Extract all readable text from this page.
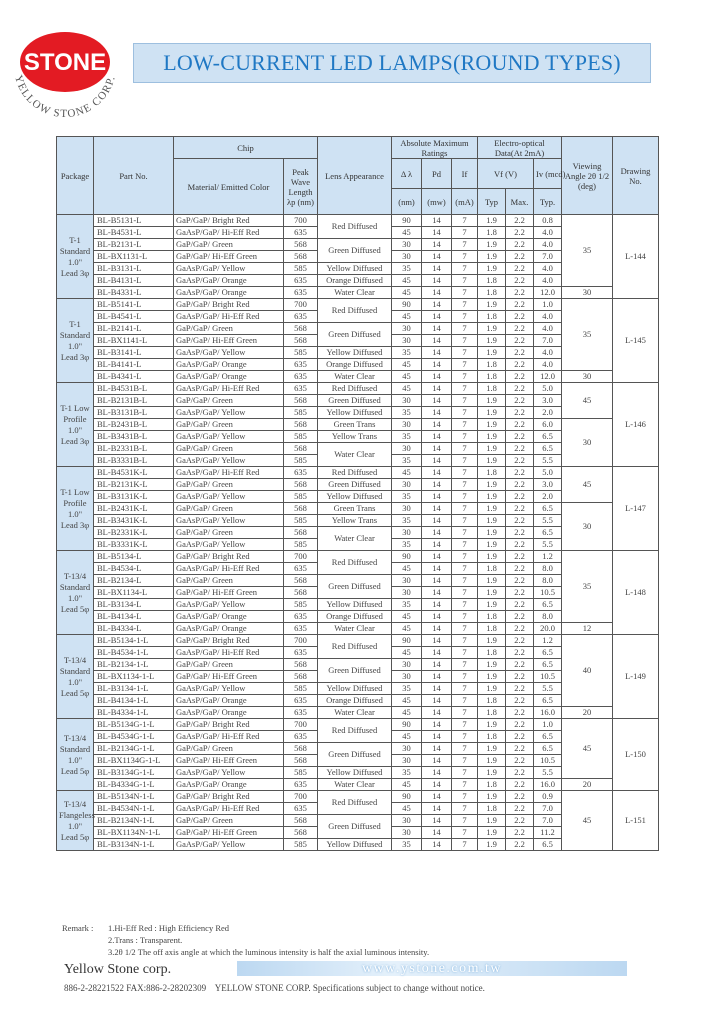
STONE
YELLOW STONE CORP.
LOW-CURRENT LED LAMPS(ROUND TYPES)
Package	Part No.	Chip		Lens Appearance	Absolute Maximum Ratings			Electro-optical Data(At 2mA)			Viewing Angle 2θ 1/2 (deg)	Drawing No.
		Material/ Emitted Color	Peak Wave Length λp (nm)		Δ λ	Pd	If	Vf (V)		Iv (mcd)		
					(nm)	(mw)	(mA)	Typ	Max.	Typ.		
T-1 Standard 1.0" Lead 3φ	BL-B5131-L	GaP/GaP/ Bright Red	700	Red Diffused	90	14	7	1.9	2.2	0.8	35	L-144
	BL-B4531-L	GaAsP/GaP/ Hi-Eff Red	635		45	14	7	1.8	2.2	4.0		
	BL-B2131-L	GaP/GaP/ Green	568	Green Diffused	30	14	7	1.9	2.2	4.0		
	BL-BX1131-L	GaP/GaP/ Hi-Eff Green	568		30	14	7	1.9	2.2	7.0		
	BL-B3131-L	GaAsP/GaP/ Yellow	585	Yellow Diffused	35	14	7	1.9	2.2	4.0		
	BL-B4131-L	GaAsP/GaP/ Orange	635	Orange Diffused	45	14	7	1.8	2.2	4.0		
	BL-B4331-L	GaAsP/GaP/ Orange	635	Water Clear	45	14	7	1.8	2.2	12.0	30	
T-1 Standard 1.0" Lead 3φ	BL-B5141-L	GaP/GaP/ Bright Red	700	Red Diffused	90	14	7	1.9	2.2	1.0	35	L-145
	BL-B4541-L	GaAsP/GaP/ Hi-Eff Red	635		45	14	7	1.8	2.2	4.0		
	BL-B2141-L	GaP/GaP/ Green	568	Green Diffused	30	14	7	1.9	2.2	4.0		
	BL-BX1141-L	GaP/GaP/ Hi-Eff Green	568		30	14	7	1.9	2.2	7.0		
	BL-B3141-L	GaAsP/GaP/ Yellow	585	Yellow Diffused	35	14	7	1.9	2.2	4.0		
	BL-B4141-L	GaAsP/GaP/ Orange	635	Orange Diffused	45	14	7	1.8	2.2	4.0		
	BL-B4341-L	GaAsP/GaP/ Orange	635	Water Clear	45	14	7	1.8	2.2	12.0	30	
T-1 Low Profile 1.0" Lead 3φ	BL-B4531B-L	GaAsP/GaP/ Hi-Eff Red	635	Red Diffused	45	14	7	1.8	2.2	5.0	45	L-146
	BL-B2131B-L	GaP/GaP/ Green	568	Green Diffused	30	14	7	1.9	2.2	3.0		
	BL-B3131B-L	GaAsP/GaP/ Yellow	585	Yellow Diffused	35	14	7	1.9	2.2	2.0		
	BL-B2431B-L	GaP/GaP/ Green	568	Green Trans	30	14	7	1.9	2.2	6.0	30	
	BL-B3431B-L	GaAsP/GaP/ Yellow	585	Yellow Trans	35	14	7	1.9	2.2	6.5		
	BL-B2331B-L	GaP/GaP/ Green	568	Water Clear	30	14	7	1.9	2.2	6.5		
	BL-B3331B-L	GaAsP/GaP/ Yellow	585		35	14	7	1.9	2.2	5.5		
T-1 Low Profile 1.0" Lead 3φ	BL-B4531K-L	GaAsP/GaP/ Hi-Eff Red	635	Red Diffused	45	14	7	1.8	2.2	5.0	45	L-147
	BL-B2131K-L	GaP/GaP/ Green	568	Green Diffused	30	14	7	1.9	2.2	3.0		
	BL-B3131K-L	GaAsP/GaP/ Yellow	585	Yellow Diffused	35	14	7	1.9	2.2	2.0		
	BL-B2431K-L	GaP/GaP/ Green	568	Green Trans	30	14	7	1.9	2.2	6.5	30	
	BL-B3431K-L	GaAsP/GaP/ Yellow	585	Yellow Trans	35	14	7	1.9	2.2	5.5		
	BL-B2331K-L	GaP/GaP/ Green	568	Water Clear	30	14	7	1.9	2.2	6.5		
	BL-B3331K-L	GaAsP/GaP/ Yellow	585		35	14	7	1.9	2.2	5.5		
T-13/4 Standard 1.0" Lead 5φ	BL-B5134-L	GaP/GaP/ Bright Red	700	Red Diffused	90	14	7	1.9	2.2	1.2	35	L-148
	BL-B4534-L	GaAsP/GaP/ Hi-Eff Red	635		45	14	7	1.8	2.2	8.0		
	BL-B2134-L	GaP/GaP/ Green	568	Green Diffused	30	14	7	1.9	2.2	8.0		
	BL-BX1134-L	GaP/GaP/ Hi-Eff Green	568		30	14	7	1.9	2.2	10.5		
	BL-B3134-L	GaAsP/GaP/ Yellow	585	Yellow Diffused	35	14	7	1.9	2.2	6.5		
	BL-B4134-L	GaAsP/GaP/ Orange	635	Orange Diffused	45	14	7	1.8	2.2	8.0		
	BL-B4334-L	GaAsP/GaP/ Orange	635	Water Clear	45	14	7	1.8	2.2	20.0	12	
T-13/4 Standard 1.0" Lead 5φ	BL-B5134-1-L	GaP/GaP/ Bright Red	700	Red Diffused	90	14	7	1.9	2.2	1.2	40	L-149
	BL-B4534-1-L	GaAsP/GaP/ Hi-Eff Red	635		45	14	7	1.8	2.2	6.5		
	BL-B2134-1-L	GaP/GaP/ Green	568	Green Diffused	30	14	7	1.9	2.2	6.5		
	BL-BX1134-1-L	GaP/GaP/ Hi-Eff Green	568		30	14	7	1.9	2.2	10.5		
	BL-B3134-1-L	GaAsP/GaP/ Yellow	585	Yellow Diffused	35	14	7	1.9	2.2	5.5		
	BL-B4134-1-L	GaAsP/GaP/ Orange	635	Orange Diffused	45	14	7	1.8	2.2	6.5		
	BL-B4334-1-L	GaAsP/GaP/ Orange	635	Water Clear	45	14	7	1.8	2.2	16.0	20	
T-13/4 Standard 1.0" Lead 5φ	BL-B5134G-1-L	GaP/GaP/ Bright Red	700	Red Diffused	90	14	7	1.9	2.2	1.0	45	L-150
	BL-B4534G-1-L	GaAsP/GaP/ Hi-Eff Red	635		45	14	7	1.8	2.2	6.5		
	BL-B2134G-1-L	GaP/GaP/ Green	568	Green Diffused	30	14	7	1.9	2.2	6.5		
	BL-BX1134G-1-L	GaP/GaP/ Hi-Eff Green	568		30	14	7	1.9	2.2	10.5		
	BL-B3134G-1-L	GaAsP/GaP/ Yellow	585	Yellow Diffused	35	14	7	1.9	2.2	5.5		
	BL-B4334G-1-L	GaAsP/GaP/ Orange	635	Water Clear	45	14	7	1.8	2.2	16.0	20	
T-13/4 Flangeless 1.0" Lead 5φ	BL-B5134N-1-L	GaP/GaP/ Bright Red	700	Red Diffused	90	14	7	1.9	2.2	0.9	45	L-151
	BL-B4534N-1-L	GaAsP/GaP/ Hi-Eff Red	635		45	14	7	1.8	2.2	7.0		
	BL-B2134N-1-L	GaP/GaP/ Green	568	Green Diffused	30	14	7	1.9	2.2	7.0		
	BL-BX1134N-1-L	GaP/GaP/ Hi-Eff Green	568		30	14	7	1.9	2.2	11.2		
	BL-B3134N-1-L	GaAsP/GaP/ Yellow	585	Yellow Diffused	35	14	7	1.9	2.2	6.5		
Remark :	1.Hi-Eff Red : High Efficiency Red
2.Trans : Transparent.
3.2θ 1/2 The off axis angle at which the luminous intensity is half the axial luminous intensity.
Yellow Stone corp.	www.ystone.com.tw
886-2-28221522 FAX:886-2-28202309 YELLOW STONE CORP. Specifications subject to change without notice.
